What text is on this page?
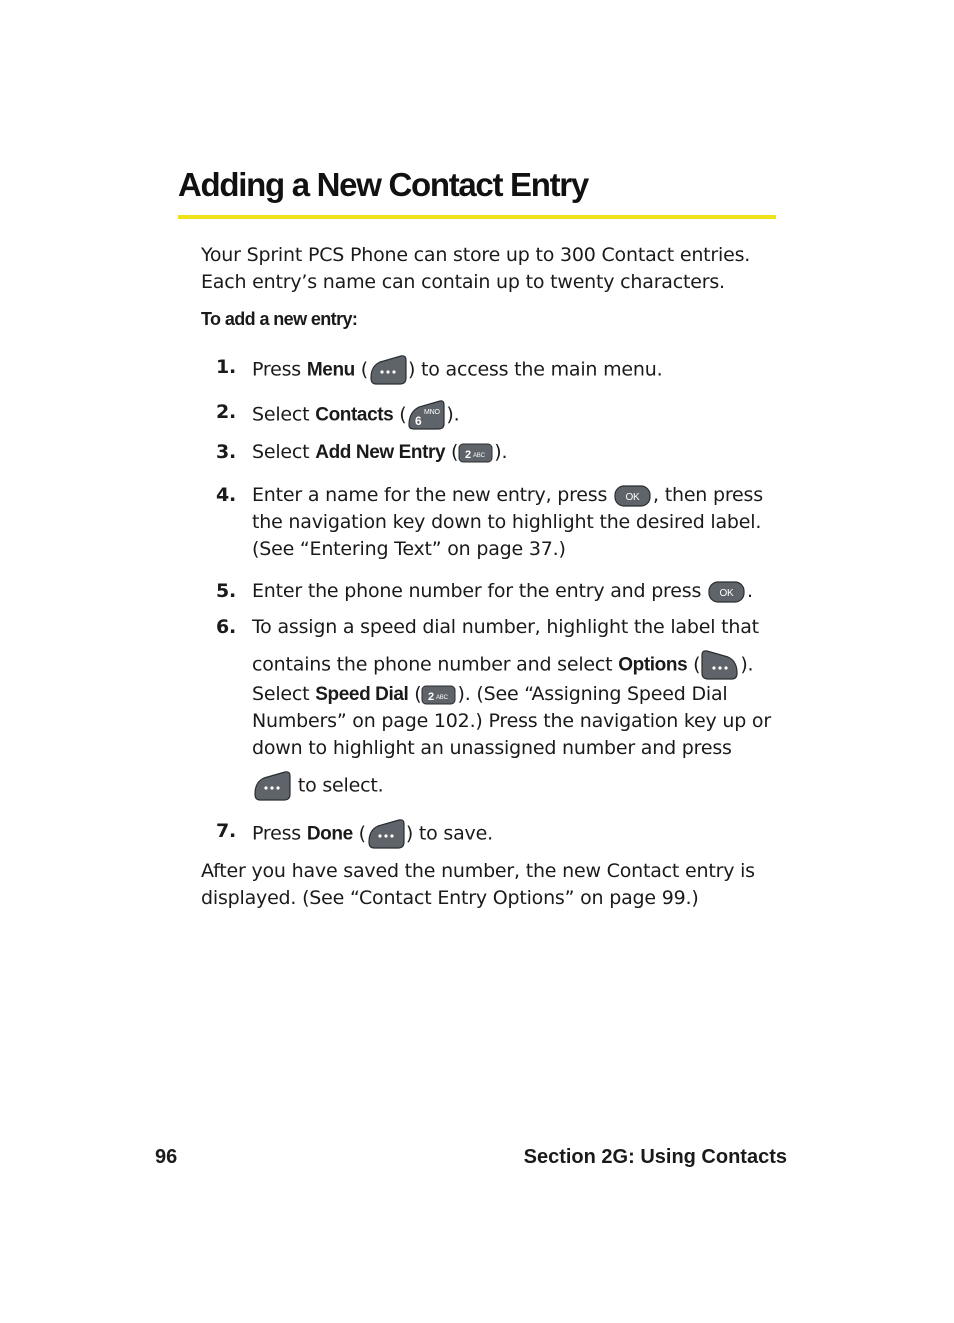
Adding a New Contact Entry

Your Sprint PCS Phone can store up to 300 Contact entries.
Each entry’s name can contain up to twenty characters.

To add a new entry:

1. Press Menu ( ) to access the main menu.
2. Select Contacts ( 6
MNO ).
3. Select Add New Entry ( 2 ABC ).
4. Enter a name for the new entry, press OK , then press
the navigation key down to highlight the desired label.
(See “Entering Text” on page 37.)
5. Enter the phone number for the entry and press OK .
6. To assign a speed dial number, highlight the label that
contains the phone number and select Options ( ).
Select Speed Dial ( 2 ABC ). (See “Assigning Speed Dial
Numbers” on page 102.) Press the navigation key up or
down to highlight an unassigned number and press
to select.
7. Press Done ( ) to save.

After you have saved the number, the new Contact entry is
displayed. (See “Contact Entry Options” on page 99.)

96	Section 2G: Using Contacts
